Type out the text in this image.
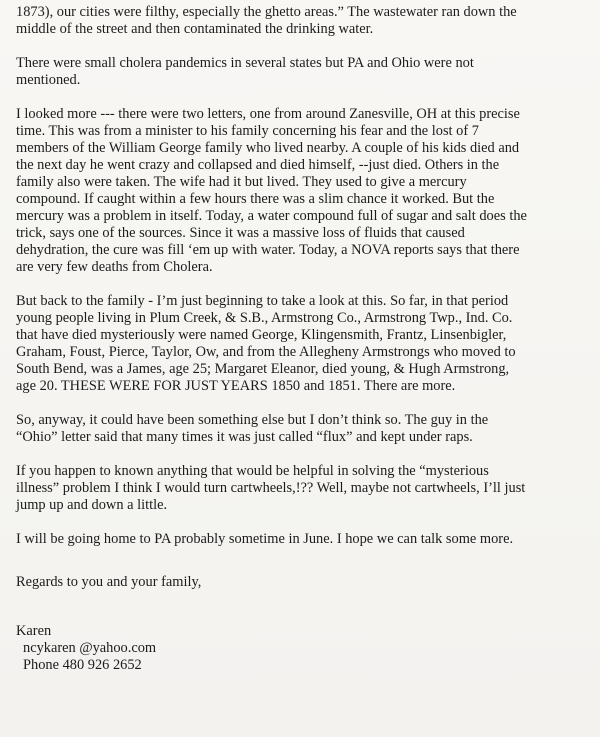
1873), our cities were filthy, especially the ghetto areas.” The wastewater ran down the
middle of the street and then contaminated the drinking water.

There were small cholera pandemics in several states but PA and Ohio were not
mentioned.

I looked more --- there were two letters, one from around Zanesville, OH at this precise
time. This was from a minister to his family concerning his fear and the lost of 7
members of the William George family who lived nearby. A couple of his kids died and
the next day he went crazy and collapsed and died himself, --just died. Others in the
family also were taken. The wife had it but lived. They used to give a mercury
compound. If caught within a few hours there was a slim chance it worked. But the
mercury was a problem in itself. Today, a water compound full of sugar and salt does the
trick, says one of the sources. Since it was a massive loss of fluids that caused
dehydration, the cure was fill ‘em up with water. Today, a NOVA reports says that there
are very few deaths from Cholera.

But back to the family - I’m just beginning to take a look at this. So far, in that period
young people living in Plum Creek, & S.B., Armstrong Co., Armstrong Twp., Ind. Co.
that have died mysteriously were named George, Klingensmith, Frantz, Linsenbigler,
Graham, Foust, Pierce, Taylor, Ow, and from the Allegheny Armstrongs who moved to
South Bend, was a James, age 25; Margaret Eleanor, died young, & Hugh Armstrong,
age 20. THESE WERE FOR JUST YEARS 1850 and 1851. There are more.

So, anyway, it could have been something else but I don’t think so. The guy in the
“Ohio” letter said that many times it was just called “flux” and kept under raps.

If you happen to known anything that would be helpful in solving the “mysterious
illness” problem I think I would turn cartwheels,!?? Well, maybe not cartwheels, I’ll just
jump up and down a little.

I will be going home to PA probably sometime in June. I hope we can talk some more.

Regards to you and your family,

Karen
ncykaren @yahoo.com
Phone 480 926 2652
